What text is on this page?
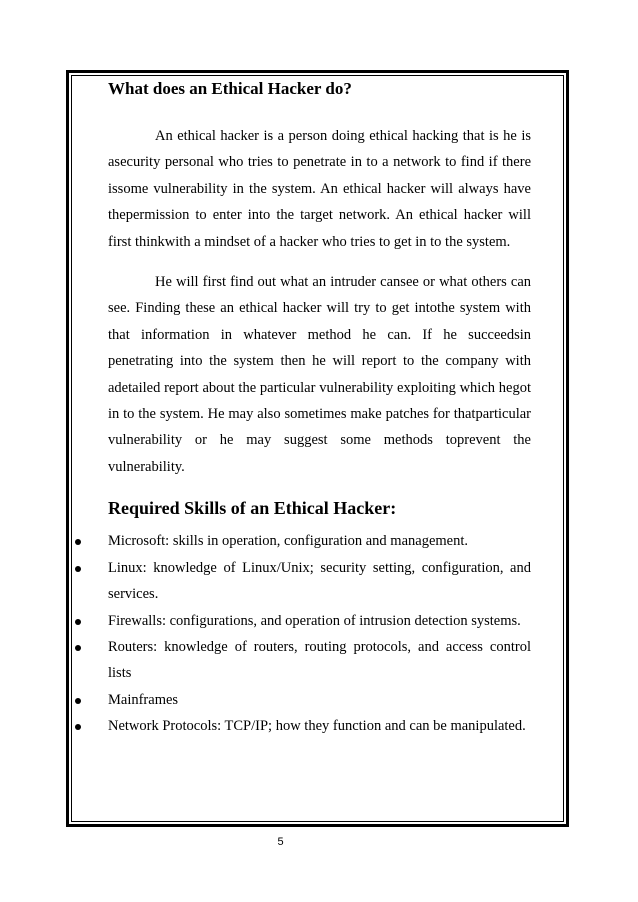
What does an Ethical Hacker do?

An ethical hacker is a person doing ethical hacking that is he is asecurity personal who tries to penetrate in to a network to find if there issome vulnerability in the system. An ethical hacker will always have thepermission to enter into the target network. An ethical hacker will first thinkwith a mindset of a hacker who tries to get in to the system.

He will first find out what an intruder cansee or what others can see. Finding these an ethical hacker will try to get intothe system with that information in whatever method he can. If he succeedsin penetrating into the system then he will report to the company with adetailed report about the particular vulnerability exploiting which hegot in to the system. He may also sometimes make patches for thatparticular vulnerability or he may suggest some methods toprevent the vulnerability.

Required Skills of an Ethical Hacker:
Microsoft: skills in operation, configuration and management.
Linux: knowledge of Linux/Unix; security setting, configuration, and services.
Firewalls: configurations, and operation of intrusion detection systems.
Routers: knowledge of routers, routing protocols, and access control lists
Mainframes
Network Protocols: TCP/IP; how they function and can be manipulated.
5
